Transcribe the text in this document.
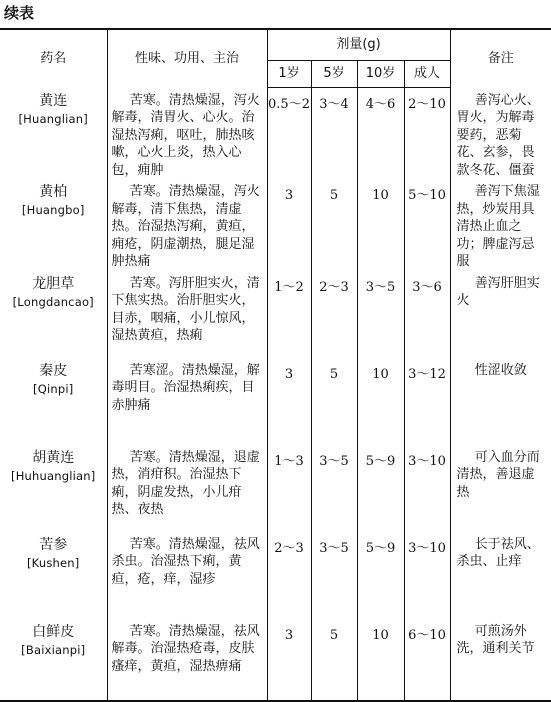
续表
药名	性味、功用、主治	剂量(g)				备注
		1岁	5岁	10岁	成人	

黄连
[Huanglian]	苦寒。清热燥湿，泻火解毒，清胃火、心火。治湿热泻痢，呕吐，肺热咳嗽，心火上炎，热入心包，痈肿	0.5～2	3～4	4～6	2～10	善泻心火、胃火，为解毒要药，恶菊花、玄参，畏款冬花、僵蚕

黄柏
[Huangbo]	苦寒。清热燥湿，泻火解毒，清下焦热，清虚热。治湿热泻痢，黄疸，痈疮，阴虚潮热，腿足湿肿热痛	3	5	10	5～10	善泻下焦湿热，炒炭用具清热止血之功；脾虚泻忌服

龙胆草
[Longdancao]	苦寒。泻肝胆实火，清下焦实热。治肝胆实火，目赤，咽痛，小儿惊风，湿热黄疸，热痢	1～2	2～3	3～5	3～6	善泻肝胆实火

秦皮
[Qinpi]	苦寒涩。清热燥湿，解毒明目。治湿热痢疾，目赤肿痛	3	5	10	3～12	性涩收敛

胡黄连
[Huhuanglian]	苦寒。清热燥湿，退虚热，消疳积。治湿热下痢，阴虚发热，小儿疳热、夜热	1～3	3～5	5～9	3～10	可入血分而清热，善退虚热

苦参
[Kushen]	苦寒。清热燥湿，祛风杀虫。治湿热下痢，黄疸，疮，痒，湿疹	2～3	3～5	5～9	3～10	长于祛风、杀虫、止痒

白鲜皮
[Baixianpi]	苦寒。清热燥湿，祛风解毒。治湿热疮毒，皮肤瘙痒，黄疸，湿热痹痛	3	5	10	6～10	可煎汤外洗，通利关节
